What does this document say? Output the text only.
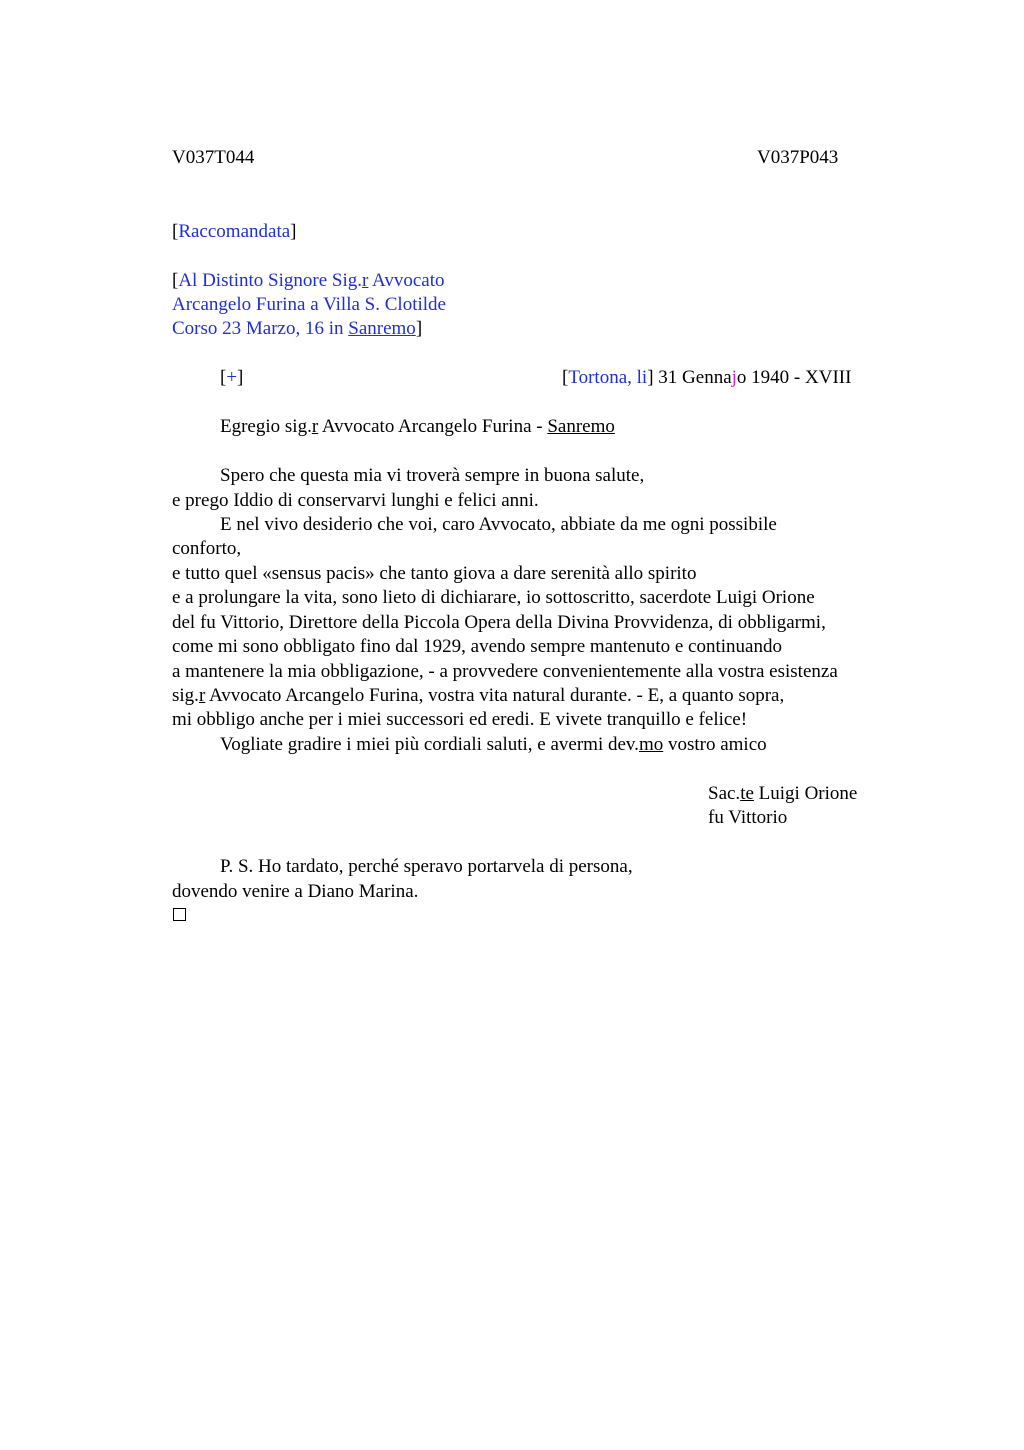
V037T044	V037P043
[Raccomandata]
[Al Distinto Signore Sig.r Avvocato
Arcangelo Furina a Villa S. Clotilde
Corso 23 Marzo, 16 in Sanremo]
[+]	[Tortona, li] 31 Gennajo 1940 - XVIII
Egregio sig.r Avvocato Arcangelo Furina - Sanremo
Spero che questa mia vi troverà sempre in buona salute,
e prego Iddio di conservarvi lunghi e felici anni.
E nel vivo desiderio che voi, caro Avvocato, abbiate da me ogni possibile
conforto,
e tutto quel «sensus pacis» che tanto giova a dare serenità allo spirito
e a prolungare la vita, sono lieto di dichiarare, io sottoscritto, sacerdote Luigi Orione
del fu Vittorio, Direttore della Piccola Opera della Divina Provvidenza, di obbligarmi,
come mi sono obbligato fino dal 1929, avendo sempre mantenuto e continuando
a mantenere la mia obbligazione, - a provvedere convenientemente alla vostra esistenza
sig.r Avvocato Arcangelo Furina, vostra vita natural durante. - E, a quanto sopra,
mi obbligo anche per i miei successori ed eredi. E vivete tranquillo e felice!
Vogliate gradire i miei più cordiali saluti, e avermi dev.mo vostro amico
Sac.te Luigi Orione
fu Vittorio
P. S. Ho tardato, perché speravo portarvela di persona,
dovendo venire a Diano Marina.
